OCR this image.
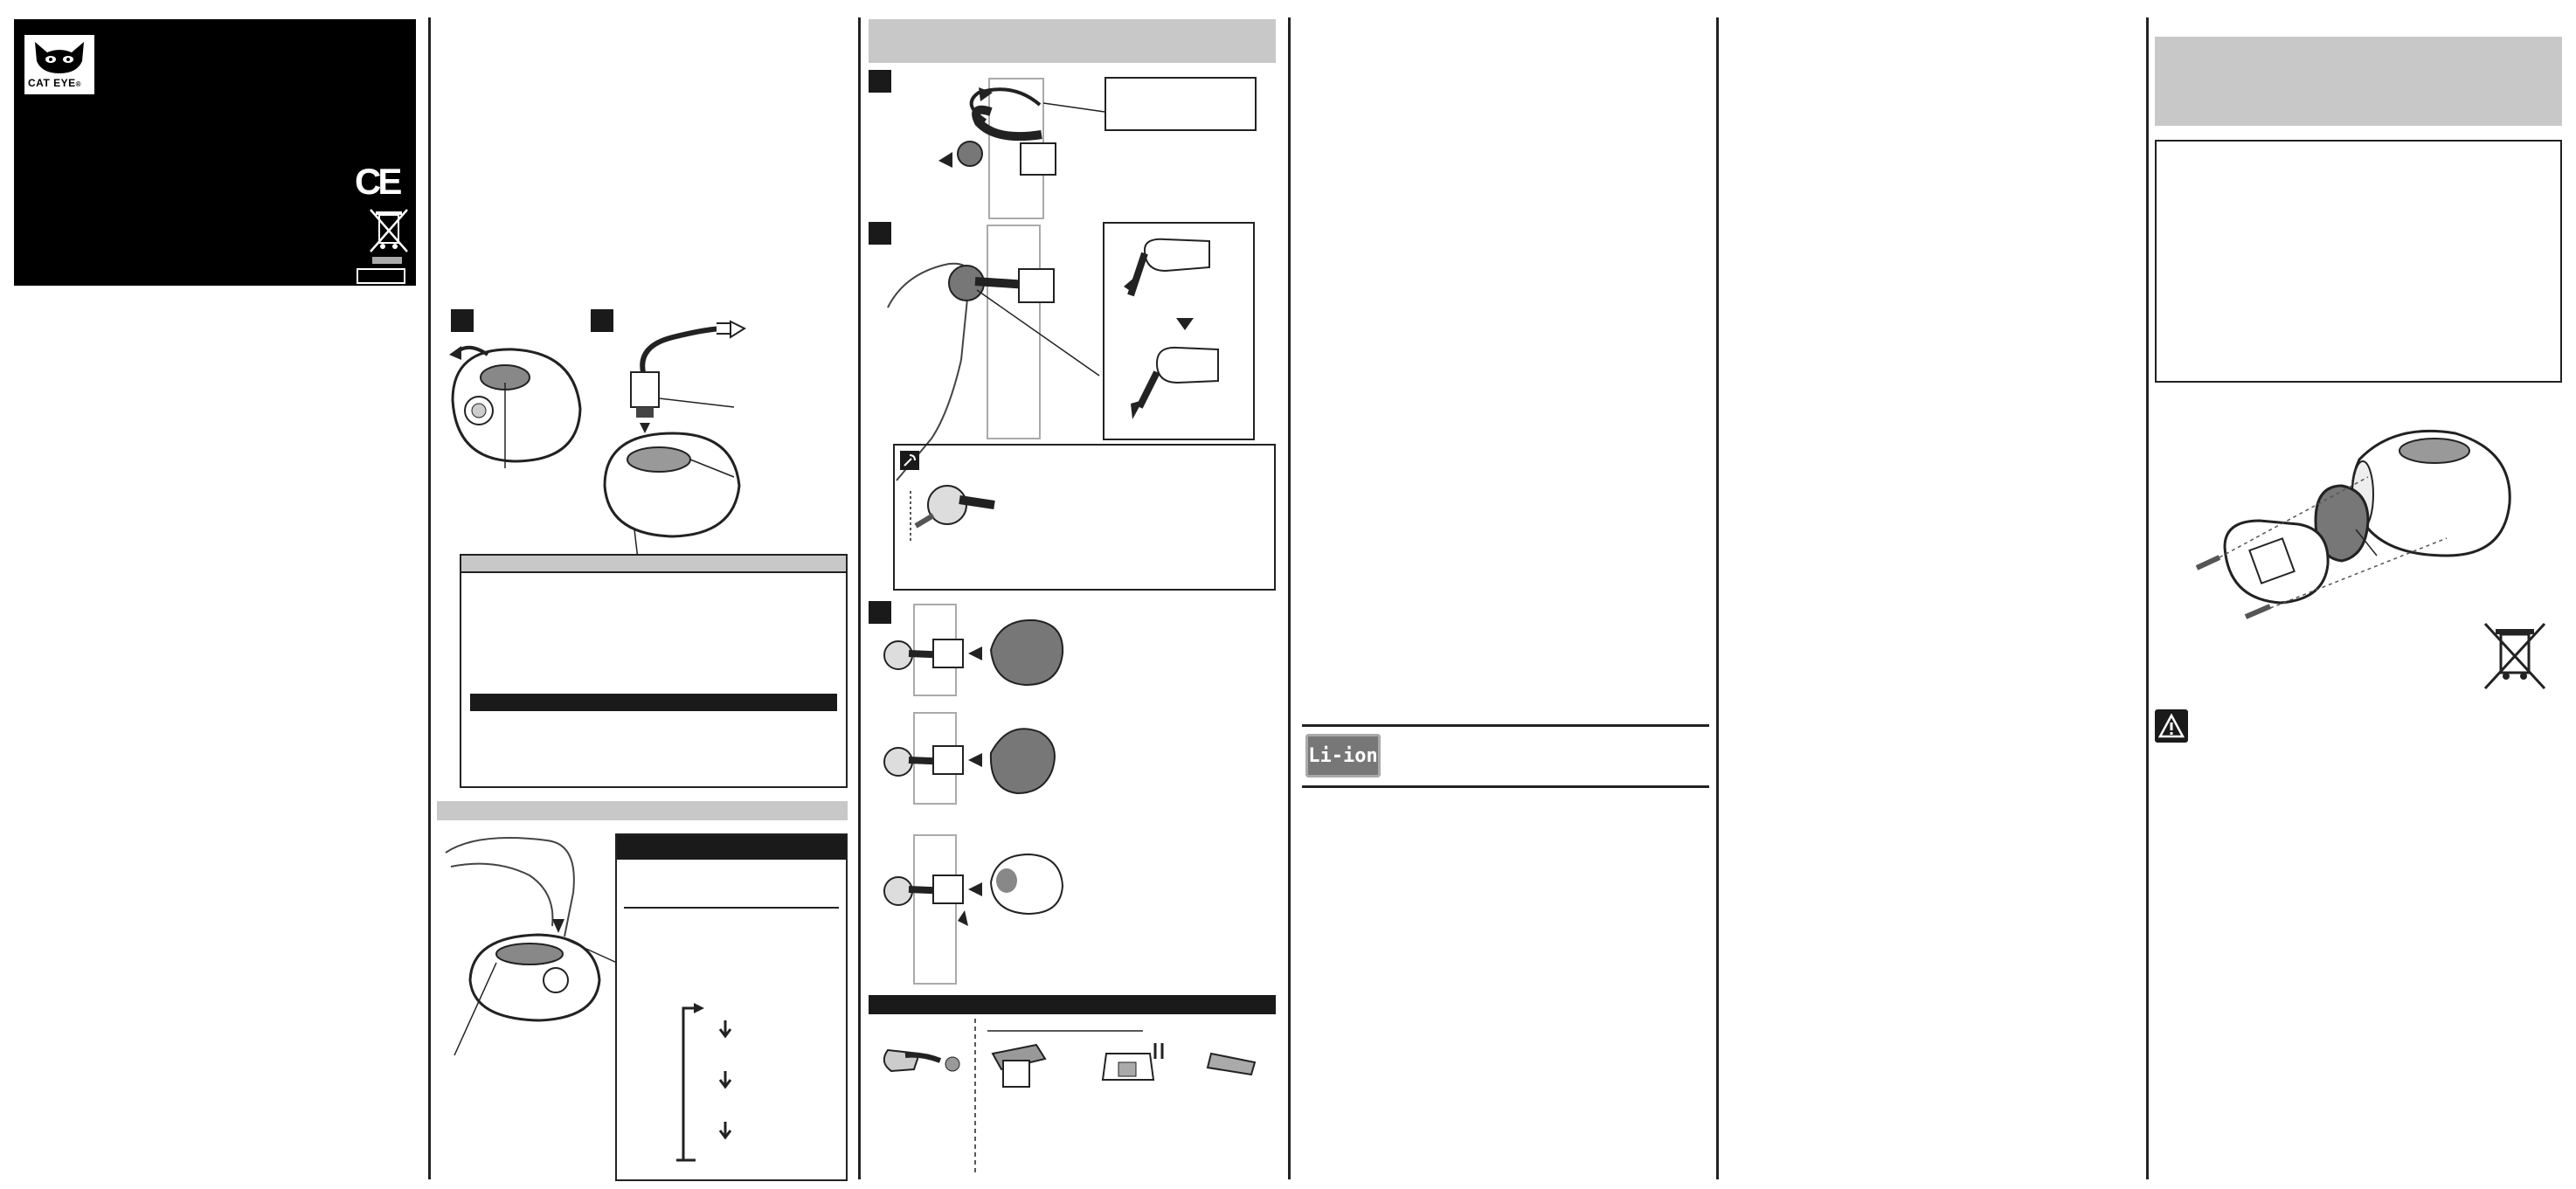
CAT EYE®
CE
Li-ion
